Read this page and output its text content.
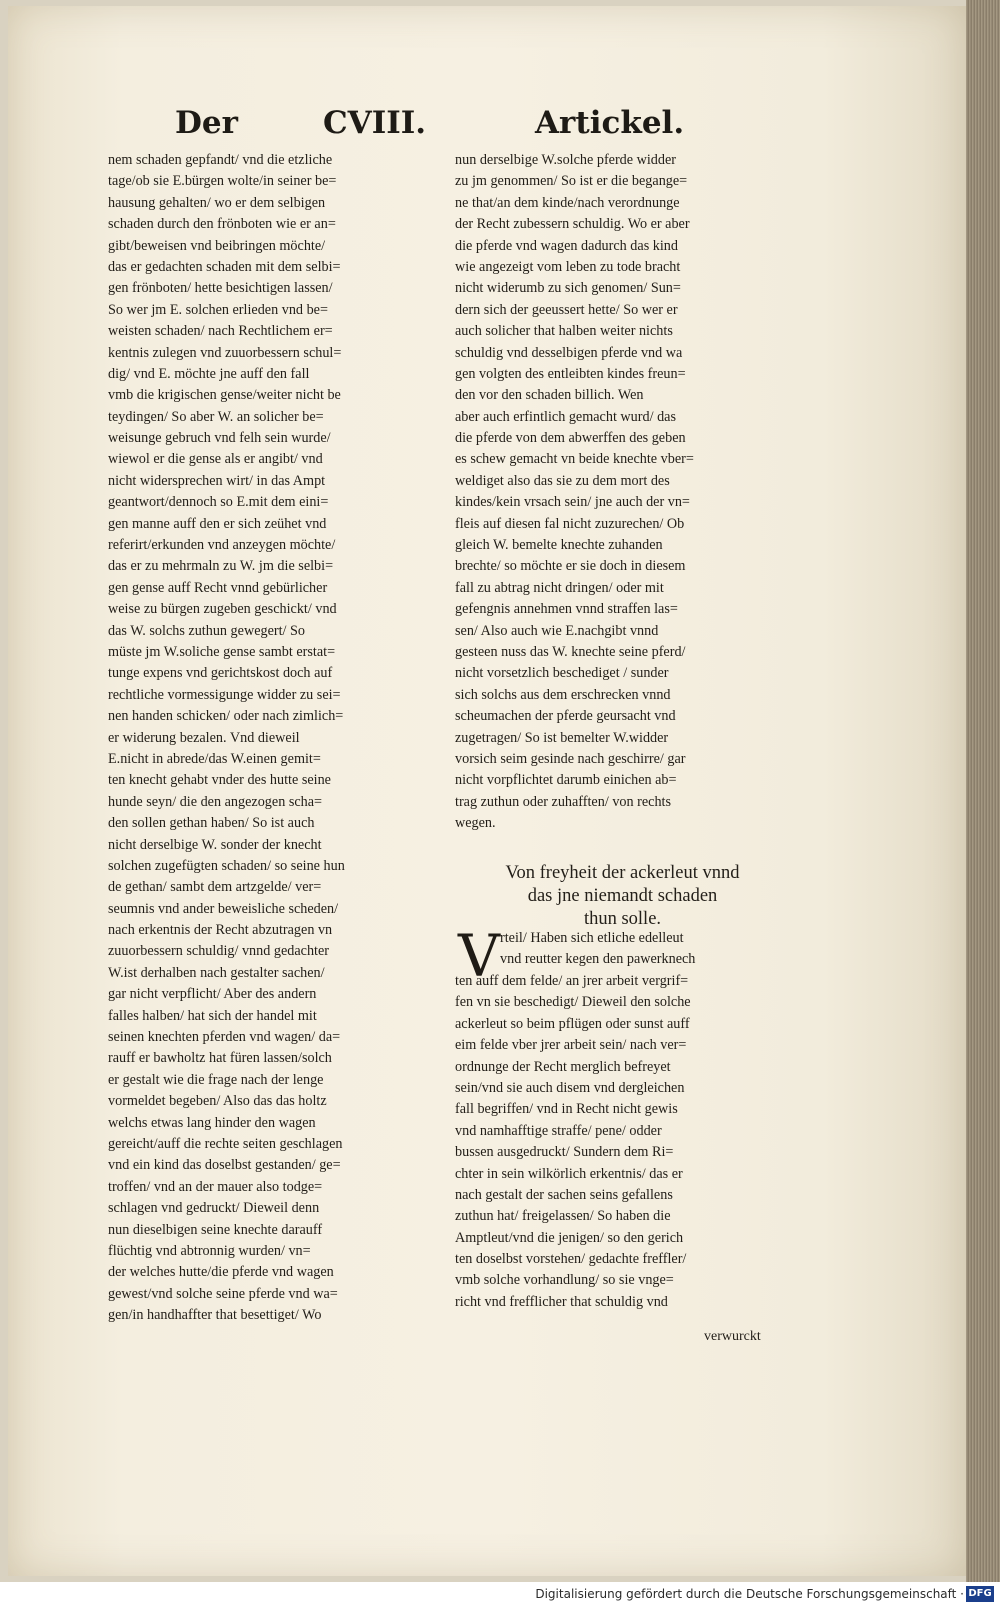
Der	CVIII.	Artickel.
nem schaden gepfandt/ vnd die etzliche
tage/ob sie E.bürgen wolte/in seiner be=
hausung gehalten/ wo er dem selbigen
schaden durch den frönboten wie er an=
gibt/beweisen vnd beibringen möchte/
das er gedachten schaden mit dem selbi=
gen frönboten/ hette besichtigen lassen/
So wer jm E. solchen erlieden vnd be=
weisten schaden/ nach Rechtlichem er=
kentnis zulegen vnd zuuorbessern schul=
dig/ vnd E. möchte jne auff den fall
vmb die krigischen gense/weiter nicht be
teydingen/ So aber W. an solicher be=
weisunge gebruch vnd felh sein wurde/
wiewol er die gense als er angibt/ vnd
nicht widersprechen wirt/ in das Ampt
geantwort/dennoch so E.mit dem eini=
gen manne auff den er sich zeühet vnd
referirt/erkunden vnd anzeygen möchte/
das er zu mehrmaln zu W. jm die selbi=
gen gense auff Recht vnnd gebürlicher
weise zu bürgen zugeben geschickt/ vnd
das W. solchs zuthun gewegert/ So
müste jm W.soliche gense sambt erstat=
tunge expens vnd gerichtskost doch auf
rechtliche vormessigunge widder zu sei=
nen handen schicken/ oder nach zimlich=
er widerung bezalen. Vnd dieweil
E.nicht in abrede/das W.einen gemit=
ten knecht gehabt vnder des hutte seine
hunde seyn/ die den angezogen scha=
den sollen gethan haben/ So ist auch
nicht derselbige W. sonder der knecht
solchen zugefügten schaden/ so seine hun
de gethan/ sambt dem artzgelde/ ver=
seumnis vnd ander beweisliche scheden/
nach erkentnis der Recht abzutragen vn
zuuorbessern schuldig/ vnnd gedachter
W.ist derhalben nach gestalter sachen/
gar nicht verpflicht/ Aber des andern
falles halben/ hat sich der handel mit
seinen knechten pferden vnd wagen/ da=
rauff er bawholtz hat füren lassen/solch
er gestalt wie die frage nach der lenge
vormeldet begeben/ Also das das holtz
welchs etwas lang hinder den wagen
gereicht/auff die rechte seiten geschlagen
vnd ein kind das doselbst gestanden/ ge=
troffen/ vnd an der mauer also todge=
schlagen vnd gedruckt/ Dieweil denn
nun dieselbigen seine knechte darauff
flüchtig vnd abtronnig wurden/ vn=
der welches hutte/die pferde vnd wagen
gewest/vnd solche seine pferde vnd wa=
gen/in handhaffter that besettiget/ Wo
nun derselbige W.solche pferde widder
zu jm genommen/ So ist er die begange=
ne that/an dem kinde/nach verordnunge
der Recht zubessern schuldig. Wo er aber
die pferde vnd wagen dadurch das kind
wie angezeigt vom leben zu tode bracht
nicht widerumb zu sich genomen/ Sun=
dern sich der geeussert hette/ So wer er
auch solicher that halben weiter nichts
schuldig vnd desselbigen pferde vnd wa
gen volgten des entleibten kindes freun=
den vor den schaden billich. Wen
aber auch erfintlich gemacht wurd/ das
die pferde von dem abwerffen des geben
es schew gemacht vn beide knechte vber=
weldiget also das sie zu dem mort des
kindes/kein vrsach sein/ jne auch der vn=
fleis auf diesen fal nicht zuzurechen/ Ob
gleich W. bemelte knechte zuhanden
brechte/ so möchte er sie doch in diesem
fall zu abtrag nicht dringen/ oder mit
gefengnis annehmen vnnd straffen las=
sen/ Also auch wie E.nachgibt vnnd
gesteen nuss das W. knechte seine pferd/
nicht vorsetzlich beschediget / sunder
sich solchs aus dem erschrecken vnnd
scheumachen der pferde geursacht vnd
zugetragen/ So ist bemelter W.widder
vorsich seim gesinde nach geschirre/ gar
nicht vorpflichtet darumb einichen ab=
trag zuthun oder zuhafften/ von rechts
wegen.
Von freyheit der ackerleut vnnd
das jne niemandt schaden
thun solle.
V rteil/ Haben sich etliche edelleut
vnd reutter kegen den pawerknech
ten auff dem felde/ an jrer arbeit vergrif=
fen vn sie beschedigt/ Dieweil den solche
ackerleut so beim pflügen oder sunst auff
eim felde vber jrer arbeit sein/ nach ver=
ordnunge der Recht merglich befreyet
sein/vnd sie auch disem vnd dergleichen
fall begriffen/ vnd in Recht nicht gewis
vnd namhafftige straffe/ pene/ odder
bussen ausgedruckt/ Sundern dem Ri=
chter in sein wilkörlich erkentnis/ das er
nach gestalt der sachen seins gefallens
zuthun hat/ freigelassen/ So haben die
Amptleut/vnd die jenigen/ so den gerich
ten doselbst vorstehen/ gedachte freffler/
vmb solche vorhandlung/ so sie vnge=
richt vnd frefflicher that schuldig vnd
verwurckt
Digitalisierung gefördert durch die Deutsche Forschungsgemeinschaft · DFG
